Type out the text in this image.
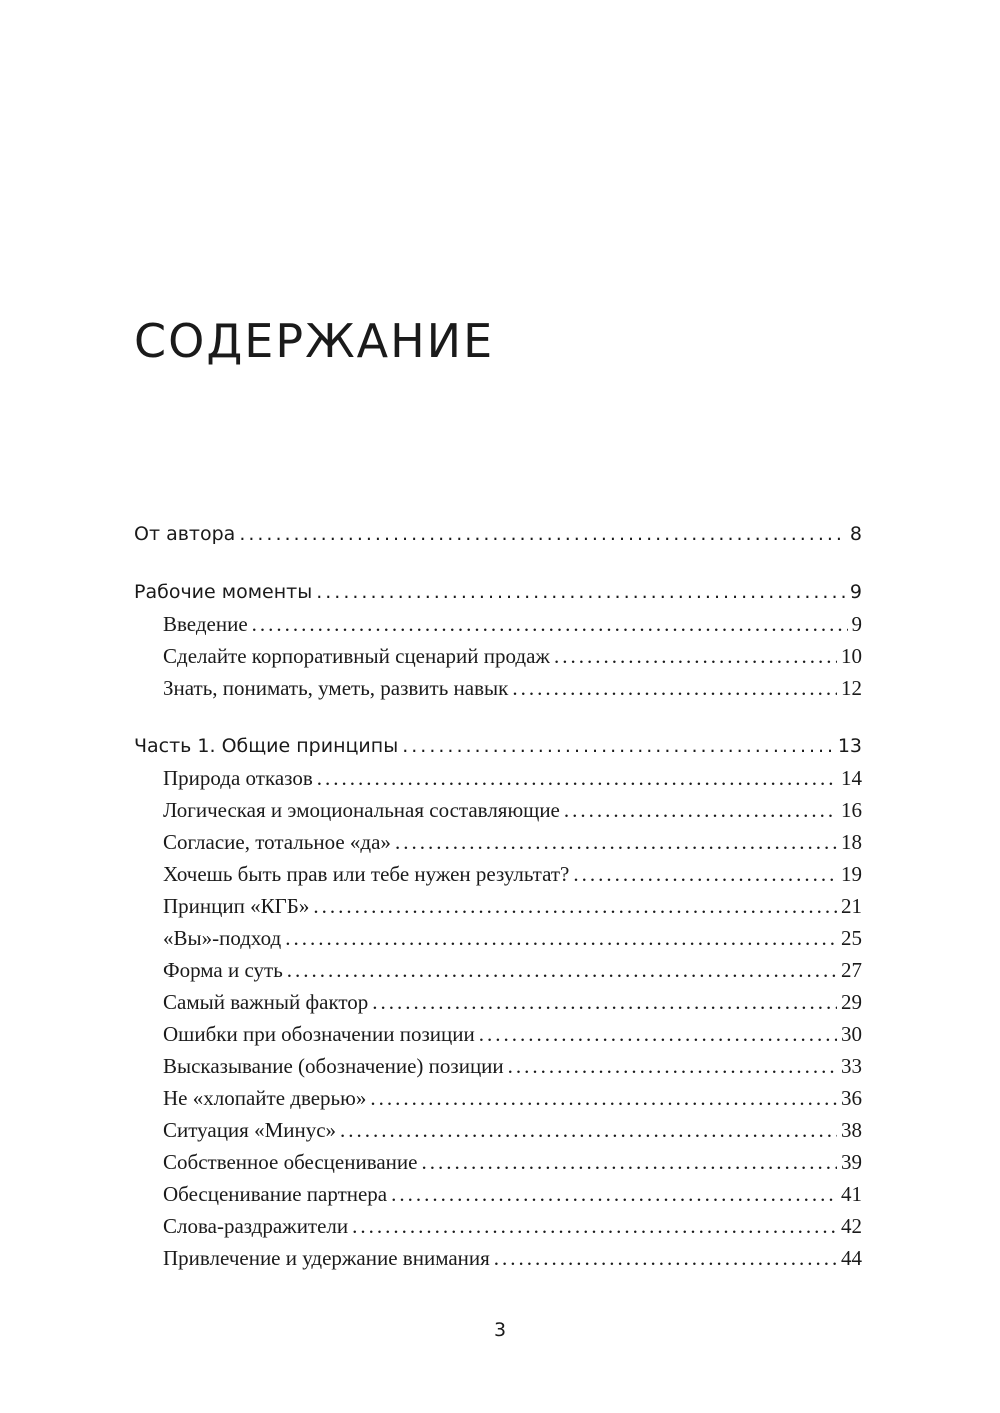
СОДЕРЖАНИЕ
От автора .....	8
Рабочие моменты .....	9
Введение .....	9
Сделайте корпоративный сценарий продаж .....	10
Знать, понимать, уметь, развить навык .....	12
Часть 1. Общие принципы .....	13
Природа отказов .....	14
Логическая и эмоциональная составляющие .....	16
Согласие, тотальное «да» .....	18
Хочешь быть прав или тебе нужен результат? .....	19
Принцип «КГБ» .....	21
«Вы»-подход .....	25
Форма и суть .....	27
Самый важный фактор .....	29
Ошибки при обозначении позиции .....	30
Высказывание (обозначение) позиции .....	33
Не «хлопайте дверью» .....	36
Ситуация «Минус» .....	38
Собственное обесценивание .....	39
Обесценивание партнера .....	41
Слова-раздражители .....	42
Привлечение и удержание внимания .....	44
3
